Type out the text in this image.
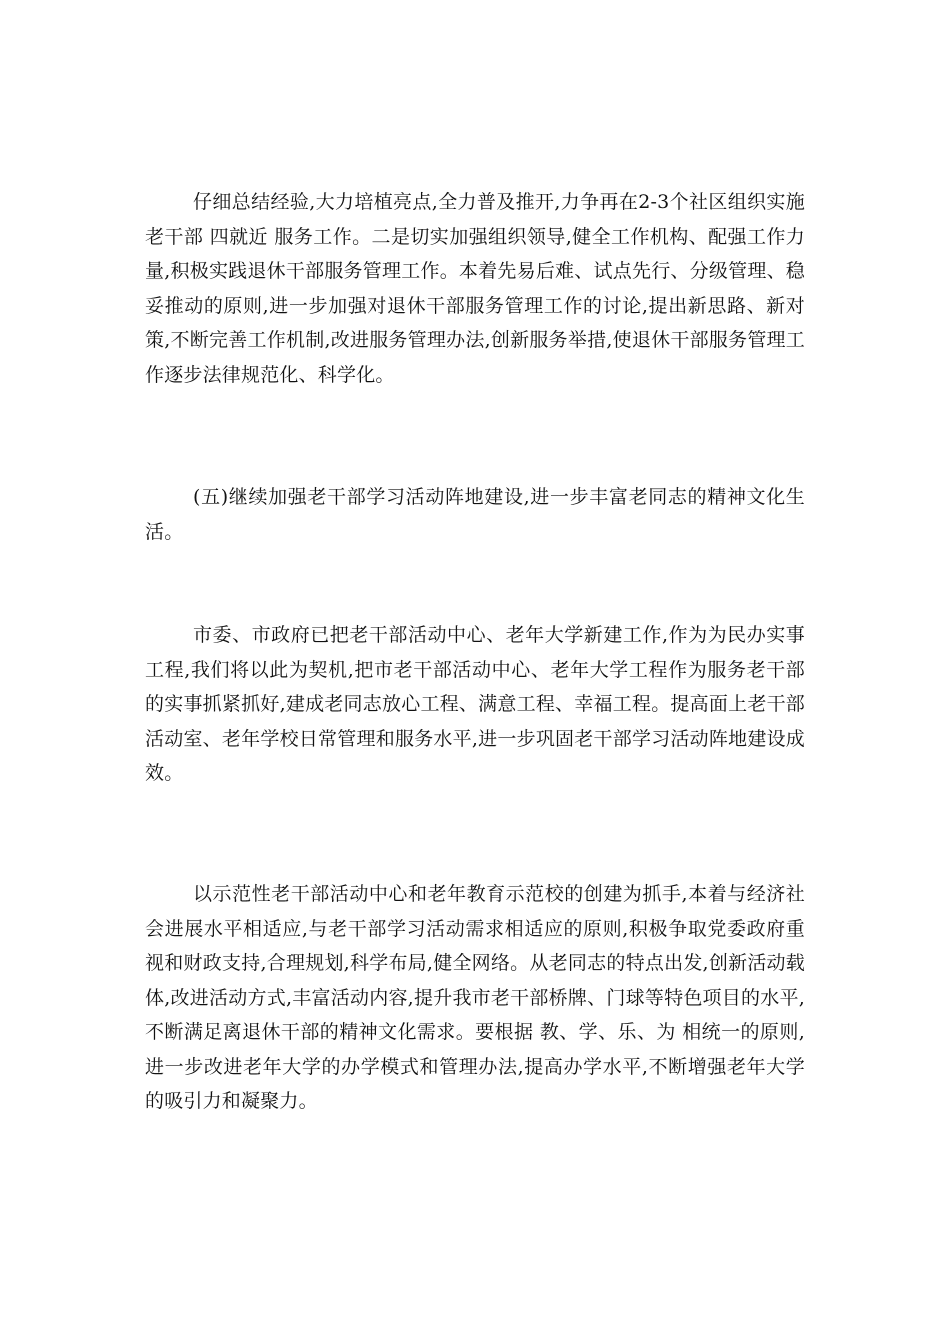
仔细总结经验,大力培植亮点,全力普及推开,力争再在2-3个社区组织实施老干部 四就近 服务工作。二是切实加强组织领导,健全工作机构、配强工作力量,积极实践退休干部服务管理工作。本着先易后难、试点先行、分级管理、稳妥推动的原则,进一步加强对退休干部服务管理工作的讨论,提出新思路、新对策,不断完善工作机制,改进服务管理办法,创新服务举措,使退休干部服务管理工作逐步法律规范化、科学化。

(五)继续加强老干部学习活动阵地建设,进一步丰富老同志的精神文化生活。

市委、市政府已把老干部活动中心、老年大学新建工作,作为为民办实事工程,我们将以此为契机,把市老干部活动中心、老年大学工程作为服务老干部的实事抓紧抓好,建成老同志放心工程、满意工程、幸福工程。提高面上老干部活动室、老年学校日常管理和服务水平,进一步巩固老干部学习活动阵地建设成效。

以示范性老干部活动中心和老年教育示范校的创建为抓手,本着与经济社会进展水平相适应,与老干部学习活动需求相适应的原则,积极争取党委政府重视和财政支持,合理规划,科学布局,健全网络。从老同志的特点出发,创新活动载体,改进活动方式,丰富活动内容,提升我市老干部桥牌、门球等特色项目的水平,不断满足离退休干部的精神文化需求。要根据 教、学、乐、为 相统一的原则,进一步改进老年大学的办学模式和管理办法,提高办学水平,不断增强老年大学的吸引力和凝聚力。
